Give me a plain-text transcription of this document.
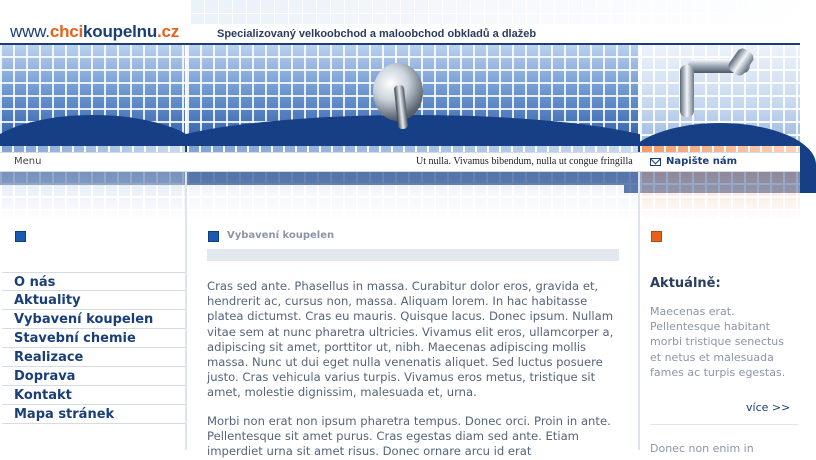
www.chcikoupelnu.cz	Specializovaný velkoobchod a maloobchod obkladů a dlažeb
Menu	Ut nulla. Vivamus bibendum, nulla ut congue fringilla	Napište nám
O nás
Aktuality
Vybavení koupelen
Stavební chemie
Realizace
Doprava
Kontakt
Mapa stránek
Vybavení koupelen

Cras sed ante. Phasellus in massa. Curabitur dolor eros, gravida et, hendrerit ac, cursus non, massa. Aliquam lorem. In hac habitasse platea dictumst. Cras eu mauris. Quisque lacus. Donec ipsum. Nullam vitae sem at nunc pharetra ultricies. Vivamus elit eros, ullamcorper a, adipiscing sit amet, porttitor ut, nibh. Maecenas adipiscing mollis massa. Nunc ut dui eget nulla venenatis aliquet. Sed luctus posuere justo. Cras vehicula varius turpis. Vivamus eros metus, tristique sit amet, molestie dignissim, malesuada et, urna.

Morbi non erat non ipsum pharetra tempus. Donec orci. Proin in ante. Pellentesque sit amet purus. Cras egestas diam sed ante. Etiam imperdiet urna sit amet risus. Donec ornare arcu id erat

Aktuálně:

Maecenas erat. Pellentesque habitant morbi tristique senectus et netus et malesuada fames ac turpis egestas.

více >>

Donec non enim in
